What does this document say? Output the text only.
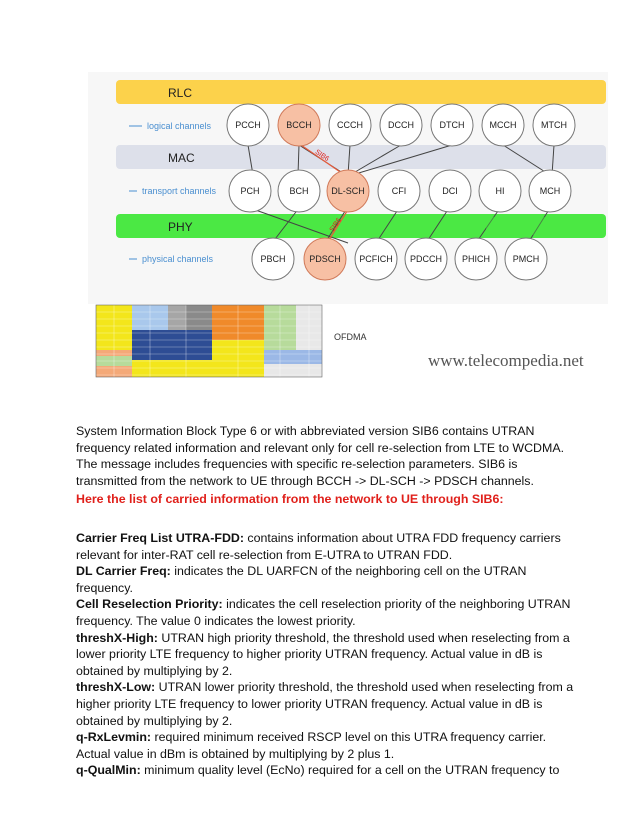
RLC
MAC
PHY
logical channels
transport channels
physical channels
SIB6
SIB6
PCCH	BCCH	CCCH	DCCH	DTCH	MCCH	MTCH
PCH	BCH	DL-SCH	CFI	DCI	HI	MCH
PBCH	PDSCH PCFICH PDCCH PHICH	PMCH
OFDMA
www.telecompedia.net
System Information Block Type 6 or with abbreviated version SIB6 contains UTRAN frequency related information and relevant only for cell re-selection from LTE to WCDMA. The message includes frequencies with specific re-selection parameters. SIB6 is transmitted from the network to UE through BCCH -> DL-SCH -> PDSCH channels.
Here the list of carried information from the network to UE through SIB6:
Carrier Freq List UTRA-FDD: contains information about UTRA FDD frequency carriers relevant for inter-RAT cell re-selection from E-UTRA to UTRAN FDD.
DL Carrier Freq: indicates the DL UARFCN of the neighboring cell on the UTRAN frequency.
Cell Reselection Priority: indicates the cell reselection priority of the neighboring UTRAN frequency. The value 0 indicates the lowest priority.
threshX-High: UTRAN high priority threshold, the threshold used when reselecting from a lower priority LTE frequency to higher priority UTRAN frequency. Actual value in dB is obtained by multiplying by 2.
threshX-Low: UTRAN lower priority threshold, the threshold used when reselecting from a higher priority LTE frequency to lower priority UTRAN frequency. Actual value in dB is obtained by multiplying by 2.
q-RxLevmin: required minimum received RSCP level on this UTRA frequency carrier. Actual value in dBm is obtained by multiplying by 2 plus 1.
q-QualMin: minimum quality level (EcNo) required for a cell on the UTRAN frequency to
